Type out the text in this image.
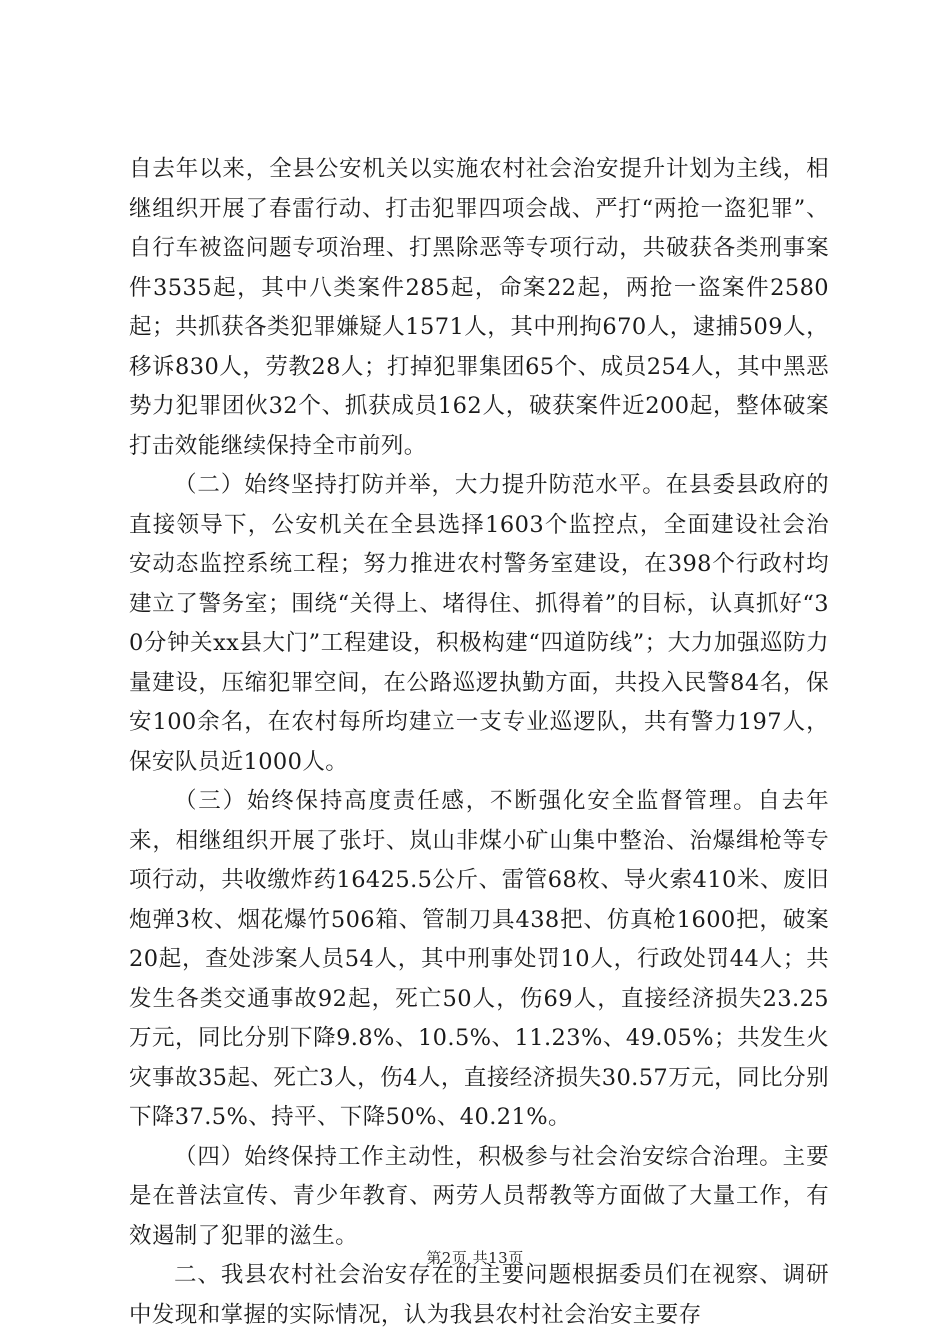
自去年以来，全县公安机关以实施农村社会治安提升计划为主线，相继组织开展了春雷行动、打击犯罪四项会战、严打“两抢一盗犯罪”、自行车被盗问题专项治理、打黑除恶等专项行动，共破获各类刑事案件3535起，其中八类案件285起，命案22起，两抢一盗案件2580起；共抓获各类犯罪嫌疑人1571人，其中刑拘670人，逮捕509人，移诉830人，劳教28人；打掉犯罪集团65个、成员254人，其中黑恶势力犯罪团伙32个、抓获成员162人，破获案件近200起，整体破案打击效能继续保持全市前列。

（二）始终坚持打防并举，大力提升防范水平。在县委县政府的直接领导下，公安机关在全县选择1603个监控点，全面建设社会治安动态监控系统工程；努力推进农村警务室建设，在398个行政村均建立了警务室；围绕“关得上、堵得住、抓得着”的目标，认真抓好“30分钟关xx县大门”工程建设，积极构建“四道防线”；大力加强巡防力量建设，压缩犯罪空间，在公路巡逻执勤方面，共投入民警84名，保安100余名，在农村每所均建立一支专业巡逻队，共有警力197人，保安队员近1000人。

（三）始终保持高度责任感，不断强化安全监督管理。自去年来，相继组织开展了张圩、岚山非煤小矿山集中整治、治爆缉枪等专项行动，共收缴炸药16425.5公斤、雷管68枚、导火索410米、废旧炮弹3枚、烟花爆竹506箱、管制刀具438把、仿真枪1600把，破案20起，查处涉案人员54人，其中刑事处罚10人，行政处罚44人；共发生各类交通事故92起，死亡50人，伤69人，直接经济损失23.25万元，同比分别下降9.8%、10.5%、11.23%、49.05%；共发生火灾事故35起、死亡3人，伤4人，直接经济损失30.57万元，同比分别下降37.5%、持平、下降50%、40.21%。

（四）始终保持工作主动性，积极参与社会治安综合治理。主要是在普法宣传、青少年教育、两劳人员帮教等方面做了大量工作，有效遏制了犯罪的滋生。

二、我县农村社会治安存在的主要问题根据委员们在视察、调研中发现和掌握的实际情况，认为我县农村社会治安主要存

第2页 共13页
